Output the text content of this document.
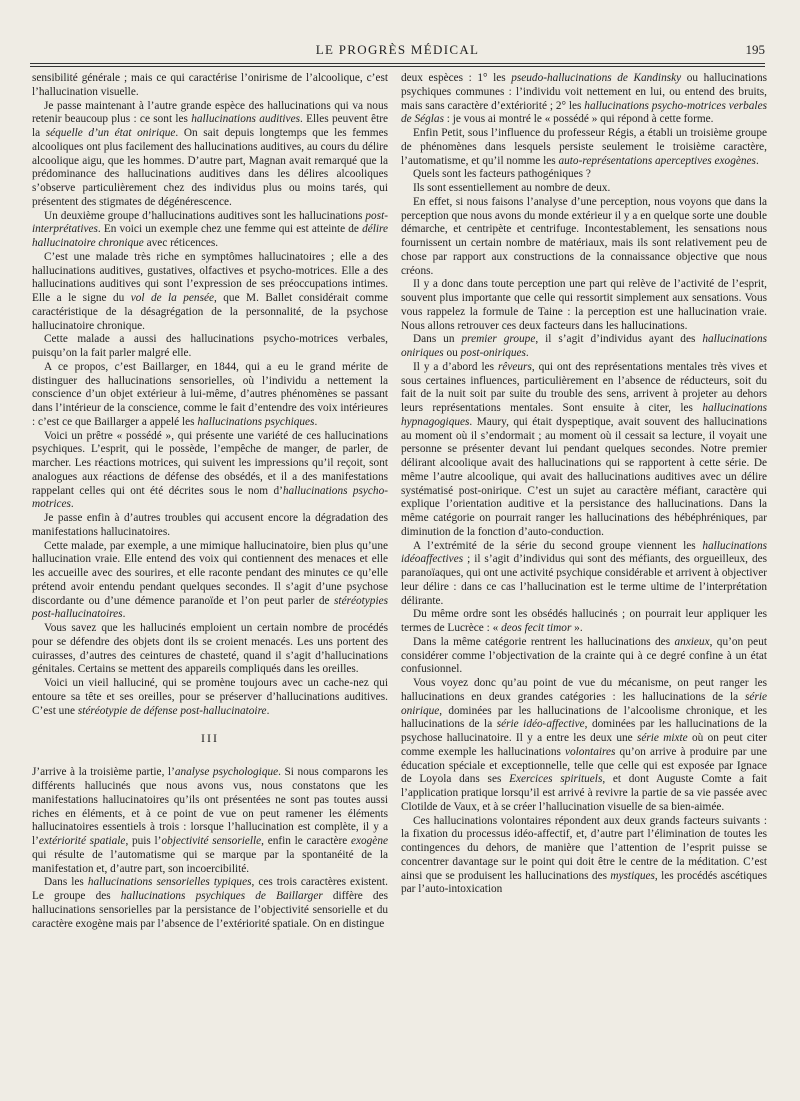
LE PROGRÈS MÉDICAL	195

sensibilité générale ; mais ce qui caractérise l’onirisme de l’alcoolique, c’est l’hallucination visuelle.

Je passe maintenant à l’autre grande espèce des hallucinations qui va nous retenir beaucoup plus : ce sont les hallucinations auditives. Elles peuvent être la séquelle d’un état onirique. On sait depuis longtemps que les femmes alcooliques ont plus facilement des hallucinations auditives, au cours du délire alcoolique aigu, que les hommes. D’autre part, Magnan avait remarqué que la prédominance des hallucinations auditives dans les délires alcooliques s’observe particulièrement chez des individus plus ou moins tarés, qui présentent des stigmates de dégénérescence.

Un deuxième groupe d’hallucinations auditives sont les hallucinations post-interprétatives. En voici un exemple chez une femme qui est atteinte de délire hallucinatoire chronique avec réticences.

C’est une malade très riche en symptômes hallucinatoires ; elle a des hallucinations auditives, gustatives, olfactives et psycho-motrices. Elle a des hallucinations auditives qui sont l’expression de ses préoccupations intimes. Elle a le signe du vol de la pensée, que M. Ballet considérait comme caractéristique de la désagrégation de la personnalité, de la psychose hallucinatoire chronique.

Cette malade a aussi des hallucinations psycho-motrices verbales, puisqu’on la fait parler malgré elle.

A ce propos, c’est Baillarger, en 1844, qui a eu le grand mérite de distinguer des hallucinations sensorielles, où l’individu a nettement la conscience d’un objet extérieur à lui-même, d’autres phénomènes se passant dans l’intérieur de la conscience, comme le fait d’entendre des voix intérieures : c’est ce que Baillarger a appelé les hallucinations psychiques.

Voici un prêtre « possédé », qui présente une variété de ces hallucinations psychiques. L’esprit, qui le possède, l’empêche de manger, de parler, de marcher. Les réactions motrices, qui suivent les impressions qu’il reçoit, sont analogues aux réactions de défense des obsédés, et il a des manifestations rappelant celles qui ont été décrites sous le nom d’hallucinations psycho-motrices.

Je passe enfin à d’autres troubles qui accusent encore la dégradation des manifestations hallucinatoires.

Cette malade, par exemple, a une mimique hallucinatoire, bien plus qu’une hallucination vraie. Elle entend des voix qui contiennent des menaces et elle les accueille avec des sourires, et elle raconte pendant des minutes ce qu’elle prétend avoir entendu pendant quelques secondes. Il s’agit d’une psychose discordante ou d’une démence paranoïde et l’on peut parler de stéréotypies post-hallucinatoires.

Vous savez que les hallucinés emploient un certain nombre de procédés pour se défendre des objets dont ils se croient menacés. Les uns portent des cuirasses, d’autres des ceintures de chasteté, quand il s’agit d’hallucinations génitales. Certains se mettent des appareils compliqués dans les oreilles.

Voici un vieil halluciné, qui se promène toujours avec un cache-nez qui entoure sa tête et ses oreilles, pour se préserver d’hallucinations auditives. C’est une stéréotypie de défense post-hallucinatoire.

III

J’arrive à la troisième partie, l’analyse psychologique. Si nous comparons les différents hallucinés que nous avons vus, nous constatons que les manifestations hallucinatoires qu’ils ont présentées ne sont pas toutes aussi riches en éléments, et à ce point de vue on peut ramener les éléments hallucinatoires essentiels à trois : lorsque l’hallucination est complète, il y a l’extériorité spatiale, puis l’objectivité sensorielle, enfin le caractère exogène qui résulte de l’automatisme qui se marque par la spontanéité de la manifestation et, d’autre part, son incoercibilité.

Dans les hallucinations sensorielles typiques, ces trois caractères existent. Le groupe des hallucinations psychiques de Baillarger diffère des hallucinations sensorielles par la persistance de l’objectivité sensorielle et du caractère exogène mais par l’absence de l’extériorité spatiale. On en distingue

deux espèces : 1° les pseudo-hallucinations de Kandinsky ou hallucinations psychiques communes : l’individu voit nettement en lui, ou entend des bruits, mais sans caractère d’extériorité ; 2° les hallucinations psycho-motrices verbales de Séglas : je vous ai montré le « possédé » qui répond à cette forme.

Enfin Petit, sous l’influence du professeur Régis, a établi un troisième groupe de phénomènes dans lesquels persiste seulement le troisième caractère, l’automatisme, et qu’il nomme les auto-représentations aperceptives exogènes.

Quels sont les facteurs pathogéniques ?

Ils sont essentiellement au nombre de deux.

En effet, si nous faisons l’analyse d’une perception, nous voyons que dans la perception que nous avons du monde extérieur il y a en quelque sorte une double démarche, et centripète et centrifuge. Incontestablement, les sensations nous fournissent un certain nombre de matériaux, mais ils sont relativement peu de chose par rapport aux constructions de la connaissance objective que nous créons.

Il y a donc dans toute perception une part qui relève de l’activité de l’esprit, souvent plus importante que celle qui ressortit simplement aux sensations. Vous vous rappelez la formule de Taine : la perception est une hallucination vraie. Nous allons retrouver ces deux facteurs dans les hallucinations.

Dans un premier groupe, il s’agit d’individus ayant des hallucinations oniriques ou post-oniriques.

Il y a d’abord les rêveurs, qui ont des représentations mentales très vives et sous certaines influences, particulièrement en l’absence de réducteurs, soit du fait de la nuit soit par suite du trouble des sens, arrivent à projeter au dehors leurs représentations mentales. Sont ensuite à citer, les hallucinations hypnagogiques. Maury, qui était dyspeptique, avait souvent des hallucinations au moment où il s’endormait ; au moment où il cessait sa lecture, il voyait une personne se présenter devant lui pendant quelques secondes. Notre premier délirant alcoolique avait des hallucinations qui se rapportent à cette série. De même l’autre alcoolique, qui avait des hallucinations auditives avec un délire systématisé post-onirique. C’est un sujet au caractère méfiant, caractère qui explique l’orientation auditive et la persistance des hallucinations. Dans la même catégorie on pourrait ranger les hallucinations des hébéphréniques, par diminution de la fonction d’auto-conduction.

A l’extrémité de la série du second groupe viennent les hallucinations idéoaffectives ; il s’agit d’individus qui sont des méfiants, des orgueilleux, des paranoïaques, qui ont une activité psychique considérable et arrivent à objectiver leur délire : dans ce cas l’hallucination est le terme ultime de l’interprétation délirante.

Du même ordre sont les obsédés hallucinés ; on pourrait leur appliquer les termes de Lucrèce : « deos fecit timor ».

Dans la même catégorie rentrent les hallucinations des anxieux, qu’on peut considérer comme l’objectivation de la crainte qui à ce degré confine à un état confusionnel.

Vous voyez donc qu’au point de vue du mécanisme, on peut ranger les hallucinations en deux grandes catégories : les hallucinations de la série onirique, dominées par les hallucinations de l’alcoolisme chronique, et les hallucinations de la série idéo-affective, dominées par les hallucinations de la psychose hallucinatoire. Il y a entre les deux une série mixte où on peut citer comme exemple les hallucinations volontaires qu’on arrive à produire par une éducation spéciale et exceptionnelle, telle que celle qui est exposée par Ignace de Loyola dans ses Exercices spirituels, et dont Auguste Comte a fait l’application pratique lorsqu’il est arrivé à revivre la partie de sa vie passée avec Clotilde de Vaux, et à se créer l’hallucination visuelle de sa bien-aimée.

Ces hallucinations volontaires répondent aux deux grands facteurs suivants : la fixation du processus idéo-affectif, et, d’autre part l’élimination de toutes les contingences du dehors, de manière que l’attention de l’esprit puisse se concentrer davantage sur le point qui doit être le centre de la méditation. C’est ainsi que se produisent les hallucinations des mystiques, les procédés ascétiques par l’auto-intoxication
